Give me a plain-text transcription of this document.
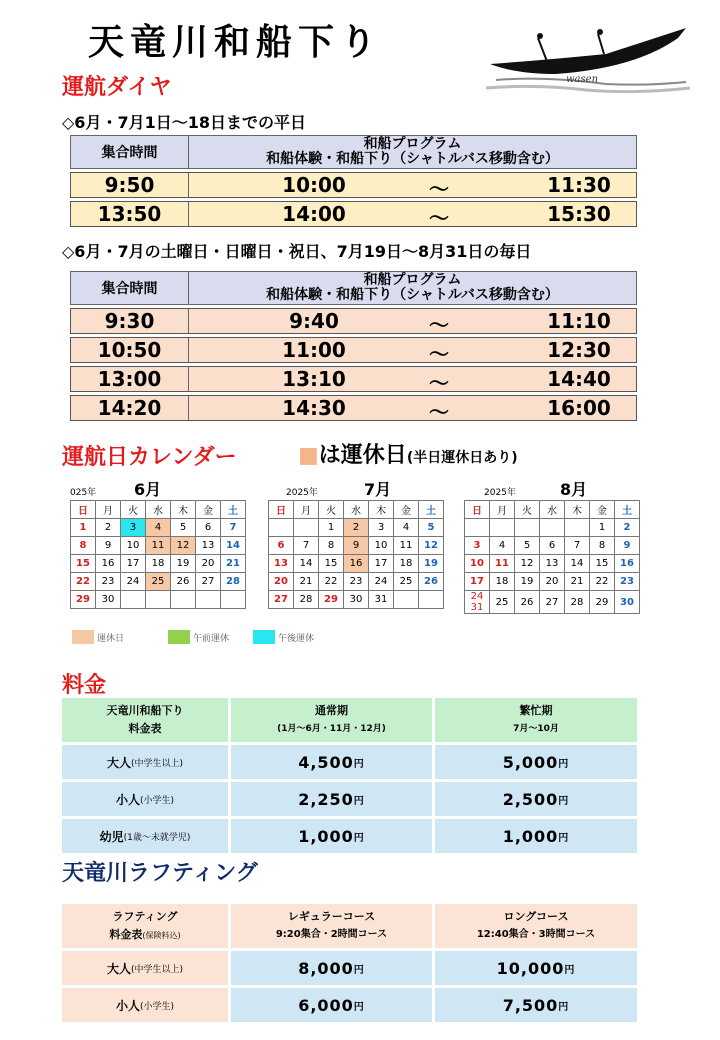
天竜川和船下り
wasen
運航ダイヤ
◇6月・7月1日〜18日までの平日
集合時間
和船プログラム
和船体験・和船下り（シャトルバス移動含む）
9:50	10:00	〜	11:30
13:50	14:00	〜	15:30
◇6月・7月の土曜日・日曜日・祝日、7月19日〜8月31日の毎日
集合時間
和船プログラム
和船体験・和船下り（シャトルバス移動含む）
9:30	9:40	〜	11:10
10:50	11:00	〜	12:30
13:00	13:10	〜	14:40
14:20	14:30	〜	16:00
運航日カレンダー	■は運休日(半日運休日あり)
025年 6月
日	月	火	水	木	金	土
1	2	3	4	5	6	7
8	9	10	11	12	13	14
15	16	17	18	19	20	21
22	23	24	25	26	27	28
29	30					
2025年	7月
日	月	火	水	木	金	土
		1	2	3	4	5
6	7	8	9	10	11	12
13	14	15	16	17	18	19
20	21	22	23	24	25	26
27	28	29	30	31		
2025年	8月
日	月	火	水	木	金	土
					1	2
3	4	5	6	7	8	9
10	11	12	13	14	15	16
17	18	19	20	21	22	23
24 31	25	26	27	28	29	30
運休日	午前運休	午後運休
料金
天竜川和船下り
料金表
通常期
(1月〜6月・11月・12月)
繁忙期
7月〜10月
大人 (中学生以上)	4,500 円	5,000 円
小人 (小学生)	2,250 円	2,500 円
幼児 (1歳〜未就学児)	1,000 円	1,000 円
天竜川ラフティング
ラフティング
料金表(保険料込)
レギュラーコース
9:20集合・2時間コース
ロングコース
12:40集合・3時間コース
大人 (中学生以上)	8,000 円	10,000 円
小人 (小学生)	6,000 円	7,500 円
